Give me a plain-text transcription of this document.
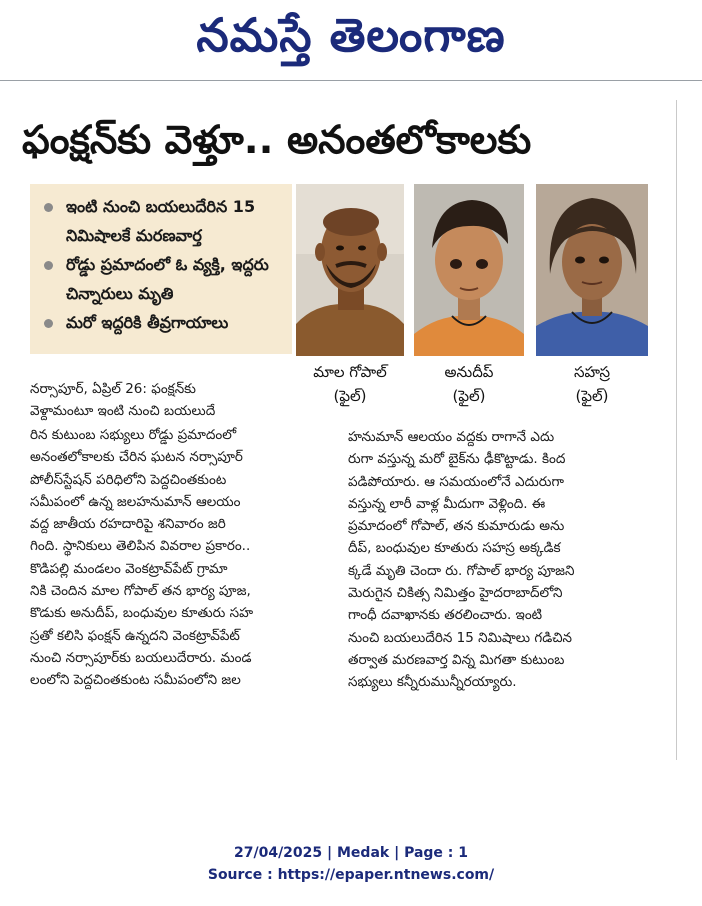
నమస్తే తెలంగాణ
ఫంక్షన్‌కు వెళ్తూ.. అనంతలోకాలకు
ఇంటి నుంచి బయలుదేరిన 15 నిమిషాలకే మరణవార్త
రోడ్డు ప్రమాదంలో ఓ వ్యక్తి, ఇద్దరు చిన్నారులు మృతి
మరో ఇద్దరికి తీవ్రగాయాలు
మాల గోపాల్
(ఫైల్)
అనుదీప్
(ఫైల్)
సహస్ర
(ఫైల్)

నర్సాపూర్, ఏప్రిల్ 26: ఫంక్షన్‌కు

వెళ్దామంటూ ఇంటి నుంచి బయలుదే

రిన కుటుంబ సభ్యులు రోడ్డు ప్రమాదంలో

అనంతలోకాలకు చేరిన ఘటన నర్సాపూర్

పోలీస్‌స్టేషన్ పరిధిలోని పెద్దచింతకుంట

సమీపంలో ఉన్న జలహనుమాన్ ఆలయం

వద్ద జాతీయ రహదారిపై శనివారం జరి

గింది. స్థానికులు తెలిపిన వివరాల ప్రకారం..

కొడిపల్లి మండలం వెంకట్రావ్‌పేట్ గ్రామా

నికి చెందిన మాల గోపాల్ తన భార్య పూజ,

కొడుకు అనుదీప్, బంధువుల కూతురు సహ

స్రతో కలిసి ఫంక్షన్ ఉన్నదని వెంకట్రావ్‌పేట్

నుంచి నర్సాపూర్‌కు బయలుదేరారు. మండ

లంలోని పెద్దచింతకుంట సమీపంలోని జల

హనుమాన్ ఆలయం వద్దకు రాగానే ఎదు

రుగా వస్తున్న మరో బైక్‌ను ఢీకొట్టాడు. కింద

పడిపోయారు. ఆ సమయంలోనే ఎదురుగా

వస్తున్న లారీ వాళ్ల మీదుగా వెళ్లింది. ఈ

ప్రమాదంలో గోపాల్, తన కుమారుడు అను

దీప్, బంధువుల కూతురు సహస్ర అక్కడిక

క్కడే మృతి చెందా రు. గోపాల్ భార్య పూజని

మెరుగైన చికిత్స నిమిత్తం హైదరాబాద్‌లోని

గాంధీ దవాఖానకు తరలించారు. ఇంటి

నుంచి బయలుదేరిన 15 నిమిషాలు గడిచిన

తర్వాత మరణవార్త విన్న మిగతా కుటుంబ

సభ్యులు కన్నీరుమున్నీరయ్యారు.

27/04/2025 | Medak | Page : 1
Source : https://epaper.ntnews.com/
